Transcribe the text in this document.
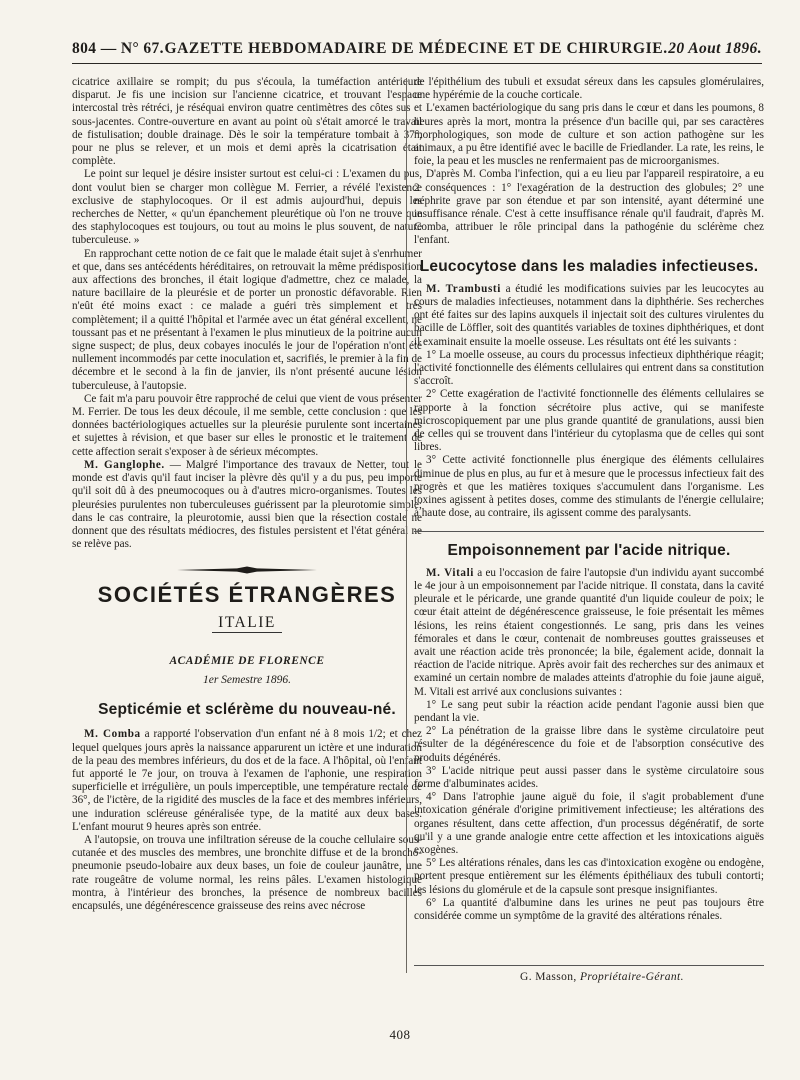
804 — N° 67. GAZETTE HEBDOMADAIRE DE MÉDECINE ET DE CHIRURGIE. 20 Aout 1896.

cicatrice axillaire se rompit; du pus s'écoula, la tuméfaction antérieure disparut. Je fis une incision sur l'ancienne cicatrice, et trouvant l'espace intercostal très rétréci, je réséquai environ quatre centimètres des côtes sus et sous-jacentes. Contre-ouverture en avant au point où s'était amorcé le travail de fistulisation; double drainage. Dès le soir la température tombait à 37°, pour ne plus se relever, et un mois et demi après la cicatrisation était complète.

Le point sur lequel je désire insister surtout est celui-ci : L'examen du pus, dont voulut bien se charger mon collègue M. Ferrier, a révélé l'existence exclusive de staphylocoques. Or il est admis aujourd'hui, depuis les recherches de Netter, « qu'un épanchement pleurétique où l'on ne trouve que des staphylocoques est toujours, ou tout au moins le plus souvent, de nature tuberculeuse. »

En rapprochant cette notion de ce fait que le malade était sujet à s'enrhumer et que, dans ses antécédents héréditaires, on retrouvait la même prédisposition aux affections des bronches, il était logique d'admettre, chez ce malade, la nature bacillaire de la pleurésie et de porter un pronostic défavorable. Rien n'eût été moins exact : ce malade a guéri très simplement et très complètement; il a quitté l'hôpital et l'armée avec un état général excellent, ne toussant pas et ne présentant à l'examen le plus minutieux de la poitrine aucun signe suspect; de plus, deux cobayes inoculés le jour de l'opération n'ont été nullement incommodés par cette inoculation et, sacrifiés, le premier à la fin de décembre et le second à la fin de janvier, ils n'ont présenté aucune lésion tuberculeuse, à l'autopsie.

Ce fait m'a paru pouvoir être rapproché de celui que vient de vous présenter M. Ferrier. De tous les deux découle, il me semble, cette conclusion : que les données bactériologiques actuelles sur la pleurésie purulente sont incertaines et sujettes à révision, et que baser sur elles le pronostic et le traitement de cette affection serait s'exposer à de sérieux mécomptes.

M. Ganglophe. — Malgré l'importance des travaux de Netter, tout le monde est d'avis qu'il faut inciser la plèvre dès qu'il y a du pus, peu importe qu'il soit dû à des pneumocoques ou à d'autres micro-organismes. Toutes les pleurésies purulentes non tuberculeuses guérissent par la pleurotomie simple; dans le cas contraire, la pleurotomie, aussi bien que la résection costale ne donnent que des résultats médiocres, des fistules persistent et l'état général ne se relève pas.

SOCIÉTÉS ÉTRANGÈRES
ITALIE
ACADÉMIE DE FLORENCE
1er Semestre 1896.
Septicémie et sclérème du nouveau-né.

M. Comba a rapporté l'observation d'un enfant né à 8 mois 1/2; et chez lequel quelques jours après la naissance apparurent un ictère et une induration de la peau des membres inférieurs, du dos et de la face. A l'hôpital, où l'enfant fut apporté le 7e jour, on trouva à l'examen de l'aphonie, une respiration superficielle et irrégulière, un pouls imperceptible, une température rectale de 36°, de l'ictère, de la rigidité des muscles de la face et des membres inférieurs, une induration scléreuse généralisée type, de la matité aux deux bases. L'enfant mourut 9 heures après son entrée.

A l'autopsie, on trouva une infiltration séreuse de la couche cellulaire sous-cutanée et des muscles des membres, une bronchite diffuse et de la broncho-pneumonie pseudo-lobaire aux deux bases, un foie de couleur jaunâtre, une rate rougeâtre de volume normal, les reins pâles. L'examen histologique montra, à l'intérieur des bronches, la présence de nombreux bacilles encapsulés, une dégénérescence graisseuse des reins avec nécrose

de l'épithélium des tubuli et exsudat séreux dans les capsules glomérulaires, une hypérémie de la couche corticale.

L'examen bactériologique du sang pris dans le cœur et dans les poumons, 8 heures après la mort, montra la présence d'un bacille qui, par ses caractères morphologiques, son mode de culture et son action pathogène sur les animaux, a pu être identifié avec le bacille de Friedlander. La rate, les reins, le foie, la peau et les muscles ne renfermaient pas de microorganismes.

D'après M. Comba l'infection, qui a eu lieu par l'appareil respiratoire, a eu 2 conséquences : 1° l'exagération de la destruction des globules; 2° une néphrite grave par son étendue et par son intensité, ayant déterminé une insuffisance rénale. C'est à cette insuffisance rénale qu'il faudrait, d'après M. Comba, attribuer le rôle principal dans la pathogénie du sclérème chez l'enfant.

Leucocytose dans les maladies infectieuses.

M. Trambusti a étudié les modifications suivies par les leucocytes au cours de maladies infectieuses, notamment dans la diphthérie. Ses recherches ont été faites sur des lapins auxquels il injectait soit des cultures virulentes du bacille de Löffler, soit des quantités variables de toxines diphthériques, et dont il examinait ensuite la moelle osseuse. Les résultats ont été les suivants :

1° La moelle osseuse, au cours du processus infectieux diphthérique réagit; l'activité fonctionnelle des éléments cellulaires qui entrent dans sa constitution s'accroît.

2° Cette exagération de l'activité fonctionnelle des éléments cellulaires se rapporte à la fonction sécrétoire plus active, qui se manifeste microscopiquement par une plus grande quantité de granulations, aussi bien de celles qui se trouvent dans l'intérieur du cytoplasma que de celles qui sont libres.

3° Cette activité fonctionnelle plus énergique des éléments cellulaires diminue de plus en plus, au fur et à mesure que le processus infectieux fait des progrès et que les matières toxiques s'accumulent dans l'organisme. Les toxines agissent à petites doses, comme des stimulants de l'énergie cellulaire; à haute dose, au contraire, ils agissent comme des paralysants.

Empoisonnement par l'acide nitrique.

M. Vitali a eu l'occasion de faire l'autopsie d'un individu ayant succombé le 4e jour à un empoisonnement par l'acide nitrique. Il constata, dans la cavité pleurale et le péricarde, une grande quantité d'un liquide couleur de poix; le cœur était atteint de dégénérescence graisseuse, le foie présentait les mêmes lésions, les reins étaient congestionnés. Le sang, pris dans les veines fémorales et dans le cœur, contenait de nombreuses gouttes graisseuses et avait une réaction acide très prononcée; la bile, également acide, donnait la réaction de l'acide nitrique. Après avoir fait des recherches sur des animaux et examiné un certain nombre de malades atteints d'atrophie du foie jaune aiguë, M. Vitali est arrivé aux conclusions suivantes :

1° Le sang peut subir la réaction acide pendant l'agonie aussi bien que pendant la vie.

2° La pénétration de la graisse libre dans le système circulatoire peut résulter de la dégénérescence du foie et de l'absorption consécutive des produits dégénérés.

3° L'acide nitrique peut aussi passer dans le système circulatoire sous forme d'albuminates acides.

4° Dans l'atrophie jaune aiguë du foie, il s'agit probablement d'une intoxication générale d'origine primitivement infectieuse; les altérations des organes résultent, dans cette affection, d'un processus dégénératif, de sorte qu'il y a une grande analogie entre cette affection et les intoxications aiguës exogènes.

5° Les altérations rénales, dans les cas d'intoxication exogène ou endogène, portent presque entièrement sur les éléments épithéliaux des tubuli contorti; les lésions du glomérule et de la capsule sont presque insignifiantes.

6° La quantité d'albumine dans les urines ne peut pas toujours être considérée comme un symptôme de la gravité des altérations rénales.

G. Masson, Propriétaire-Gérant.
408
